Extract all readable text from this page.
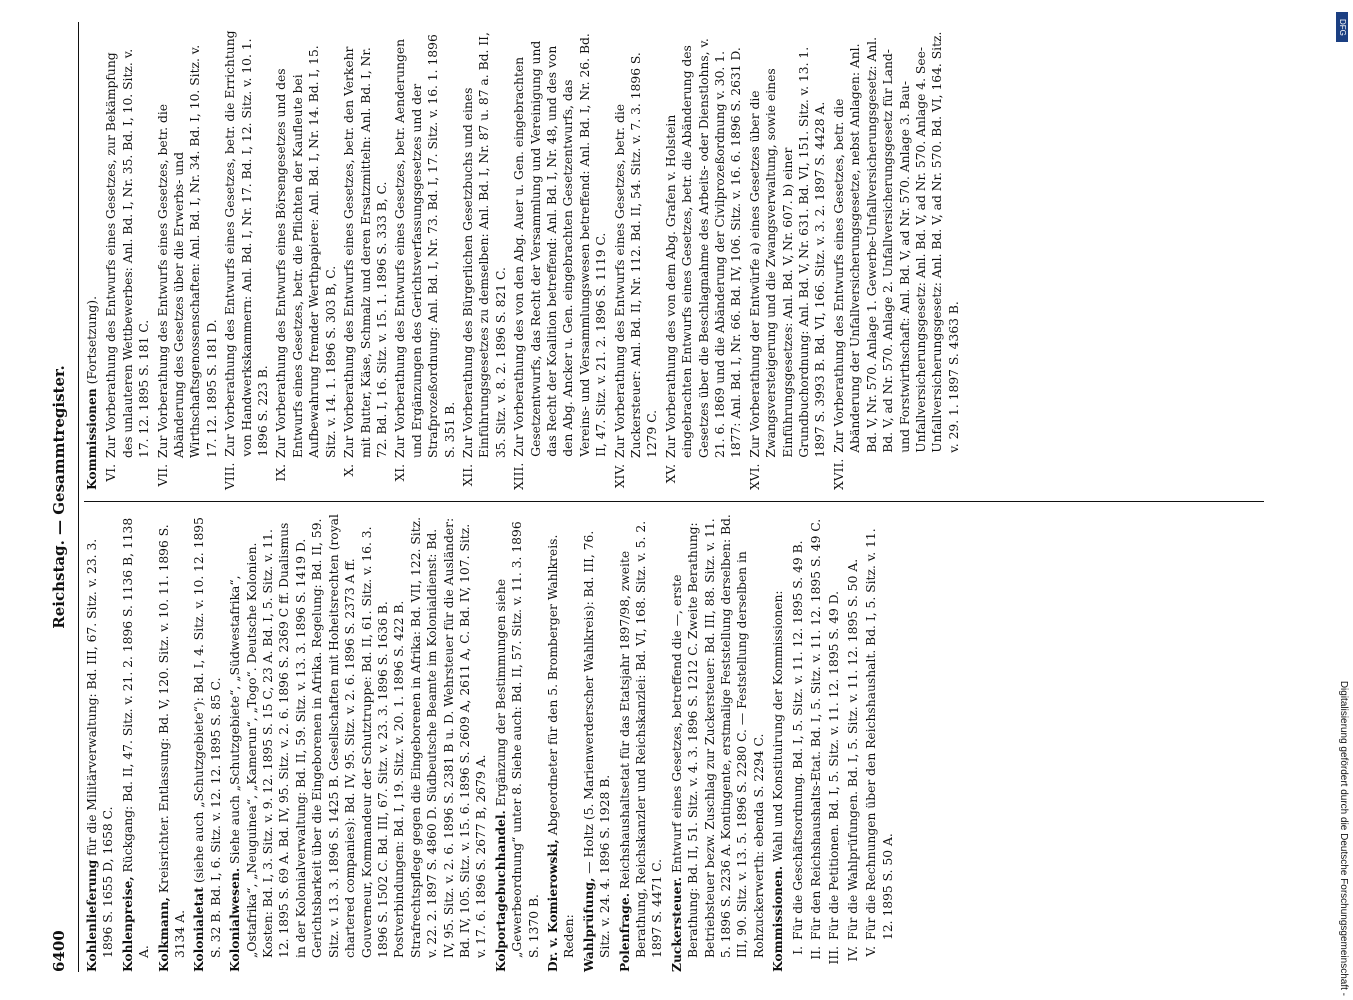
6400
Reichstag. — Gesammtregister.

Kohlenlieferung für die Militärverwaltung: Bd. III, 67. Sitz. v. 23. 3. 1896 S. 1655 D, 1658 C. Kohlenpreise, Rückgang: Bd. II, 47. Sitz. v. 21. 2. 1896 S. 1136 B, 1138 A. Kolkmann, Kreisrichter. Entlassung: Bd. V, 120. Sitz. v. 10. 11. 1896 S. 3134 A. Kolonialetat (siehe auch „Schutzgebiete“): Bd. I, 4. Sitz. v. 10. 12. 1895 S. 32 B. Bd. I, 6. Sitz. v. 12. 12. 1895 S. 85 C. Kolonialwesen. Siehe auch „Schutzgebiete“, „Südwestafrika“, „Ostafrika“, „Neuguinea“, „Kamerun“, „Togo“. Deutsche Kolonien. Kosten: Bd. I, 3. Sitz. v. 9. 12. 1895 S. 15 C, 23 A. Bd. I, 5. Sitz. v. 11. 12. 1895 S. 69 A. Bd. IV, 95. Sitz. v. 2. 6. 1896 S. 2369 C ff. Dualismus in der Kolonialverwaltung: Bd. II, 59. Sitz. v. 13. 3. 1896 S. 1419 D. Gerichtsbarkeit über die Eingeborenen in Afrika. Regelung: Bd. II, 59. Sitz. v. 13. 3. 1896 S. 1425 B. Gesellschaften mit Hoheitsrechten (royal chartered companies): Bd. IV, 95. Sitz. v. 2. 6. 1896 S. 2373 A ff. Gouverneur, Kommandeur der Schutztruppe: Bd. II, 61. Sitz. v. 16. 3. 1896 S. 1502 C. Bd. III, 67. Sitz. v. 23. 3. 1896 S. 1636 B. Postverbindungen: Bd. I, 19. Sitz. v. 20. 1. 1896 S. 422 B. Strafrechtspflege gegen die Eingeborenen in Afrika: Bd. VII, 122. Sitz. v. 22. 2. 1897 S. 4860 D. Südbeutsche Beamte im Kolonialdienst: Bd. IV, 95. Sitz. v. 2. 6. 1896 S. 2381 B u. D. Wehrsteuer für die Ausländer: Bd. IV, 105. Sitz. v. 15. 6. 1896 S. 2609 A, 2611 A, C. Bd. IV, 107. Sitz. v. 17. 6. 1896 S. 2677 B, 2679 A. Kolportagebuchhandel. Ergänzung der Bestimmungen siehe „Gewerbeordnung“ unter 8. Siehe auch: Bd. II, 57. Sitz. v. 11. 3. 1896 S. 1370 B. Dr. v. Komierowski, Abgeordneter für den 5. Bromberger Wahlkreis. Reden: Wahlprüfung, — Holtz (5. Marienwerderscher Wahlkreis): Bd. III, 76. Sitz. v. 24. 4. 1896 S. 1928 B. Polenfrage. Reichshaushaltsetat für das Etatsjahr 1897/98, zweite Berathung, Reichskanzler und Reichskanzlei: Bd. VI, 168. Sitz. v. 5. 2. 1897 S. 4471 C. Zuckersteuer. Entwurf eines Gesetzes, betreffend die —, erste Berathung: Bd. II, 51. Sitz. v. 4. 3. 1896 S. 1212 C. Zweite Berathung: Betriebsteuer bezw. Zuschlag zur Zuckersteuer: Bd. III, 88. Sitz. v. 11. 5. 1896 S. 2236 A. Kontingente, erstmalige Feststellung derselben: Bd. III, 90. Sitz. v. 13. 5. 1896 S. 2280 C. — Feststellung derselben in Rohzuckerwerth: ebenda S. 2294 C. Kommissionen. Wahl und Konstituirung der Kommissionen:

I.
Für die Geschäftsordnung. Bd. I, 5. Sitz. v. 11. 12. 1895 S. 49 B.
II.
Für den Reichshaushalts-Etat. Bd. I, 5. Sitz. v. 11. 12. 1895 S. 49 C.
III.
Für die Petitionen. Bd. I, 5. Sitz. v. 11. 12. 1895 S. 49 D.
IV.
Für die Wahlprüfungen. Bd. I, 5. Sitz. v. 11. 12. 1895 S. 50 A.
V.
Für die Rechnungen über den Reichshaushalt. Bd. I, 5. Sitz. v. 11. 12. 1895 S. 50 A.

Kommissionen (Fortsetzung).

VI.
Zur Vorberathung des Entwurfs eines Gesetzes, zur Bekämpfung des unlauteren Wettbewerbes: Anl. Bd. I, Nr. 35. Bd. I, 10. Sitz. v. 17. 12. 1895 S. 181 C.
VII.
Zur Vorberathung des Entwurfs eines Gesetzes, betr. die Abänderung des Gesetzes über die Erwerbs- und Wirthschaftsgenossenschaften: Anl. Bd. I, Nr. 34. Bd. I, 10. Sitz. v. 17. 12. 1895 S. 181 D.
VIII.
Zur Vorberathung des Entwurfs eines Gesetzes, betr. die Errichtung von Handwerkskammern: Anl. Bd. I, Nr. 17. Bd. I, 12. Sitz. v. 10. 1. 1896 S. 223 B.
IX.
Zur Vorberathung des Entwurfs eines Börsengesetzes und des Entwurfs eines Gesetzes, betr. die Pflichten der Kaufleute bei Aufbewahrung fremder Werthpapiere: Anl. Bd. I, Nr. 14. Bd. I, 15. Sitz. v. 14. 1. 1896 S. 303 B, C.
X.
Zur Vorberathung des Entwurfs eines Gesetzes, betr. den Verkehr mit Butter, Käse, Schmalz und deren Ersatzmitteln: Anl. Bd. I, Nr. 72. Bd. I, 16. Sitz. v. 15. 1. 1896 S. 333 B, C.
XI.
Zur Vorberathung des Entwurfs eines Gesetzes, betr. Aenderungen und Ergänzungen des Gerichtsverfassungsgesetzes und der Strafprozeßordnung: Anl. Bd. I, Nr. 73. Bd. I, 17. Sitz. v. 16. 1. 1896 S. 351 B.
XII.
Zur Vorberathung des Bürgerlichen Gesetzbuchs und eines Einführungsgesetzes zu demselben: Anl. Bd. I, Nr. 87 u. 87 a. Bd. II, 35. Sitz. v. 8. 2. 1896 S. 821 C.
XIII.
Zur Vorberathung des von den Abg. Auer u. Gen. eingebrachten Gesetzentwurfs, das Recht der Versammlung und Vereinigung und das Recht der Koalition betreffend: Anl. Bd. I, Nr. 48, und des von den Abg. Ancker u. Gen. eingebrachten Gesetzentwurfs, das Vereins- und Versammlungswesen betreffend: Anl. Bd. I, Nr. 26. Bd. II, 47. Sitz. v. 21. 2. 1896 S. 1119 C.
XIV.
Zur Vorberathung des Entwurfs eines Gesetzes, betr. die Zuckersteuer: Anl. Bd. II, Nr. 112. Bd. II, 54. Sitz. v. 7. 3. 1896 S. 1279 C.
XV.
Zur Vorberathung des von dem Abg. Grafen v. Holstein eingebrachten Entwurfs eines Gesetzes, betr. die Abänderung des Gesetzes über die Beschlagnahme des Arbeits- oder Dienstlohns, v. 21. 6. 1869 und die Abänderung der Civilprozeßordnung v. 30. 1. 1877: Anl. Bd. I, Nr. 66. Bd. IV, 106. Sitz. v. 16. 6. 1896 S. 2631 D.
XVI.
Zur Vorberathung der Entwürfe a) eines Gesetzes über die Zwangsversteigerung und die Zwangsverwaltung, sowie eines Einführungsgesetzes: Anl. Bd. V, Nr. 607. b) einer Grundbuchordnung: Anl. Bd. V, Nr. 631. Bd. VI, 151. Sitz. v. 13. 1. 1897 S. 3993 B. Bd. VI, 166. Sitz. v. 3. 2. 1897 S. 4428 A.
XVII.
Zur Vorberathung des Entwurfs eines Gesetzes, betr. die Abänderung der Unfallversicherungsgesetze, nebst Anlagen: Anl. Bd. V, Nr. 570. Anlage 1. Gewerbe-Unfallversicherungsgesetz: Anl. Bd. V, ad Nr. 570. Anlage 2. Unfallversicherungsgesetz für Land- und Forstwirthschaft: Anl. Bd. V, ad Nr. 570. Anlage 3. Bau-Unfallversicherungsgesetz: Anl. Bd. V, ad Nr. 570. Anlage 4. See-Unfallversicherungsgesetz: Anl. Bd. V, ad Nr. 570. Bd. VI, 164. Sitz. v. 29. 1. 1897 S. 4363 B.
Digitalisierung gefördert durch die Deutsche Forschungsgemeinschaft -
DFG
